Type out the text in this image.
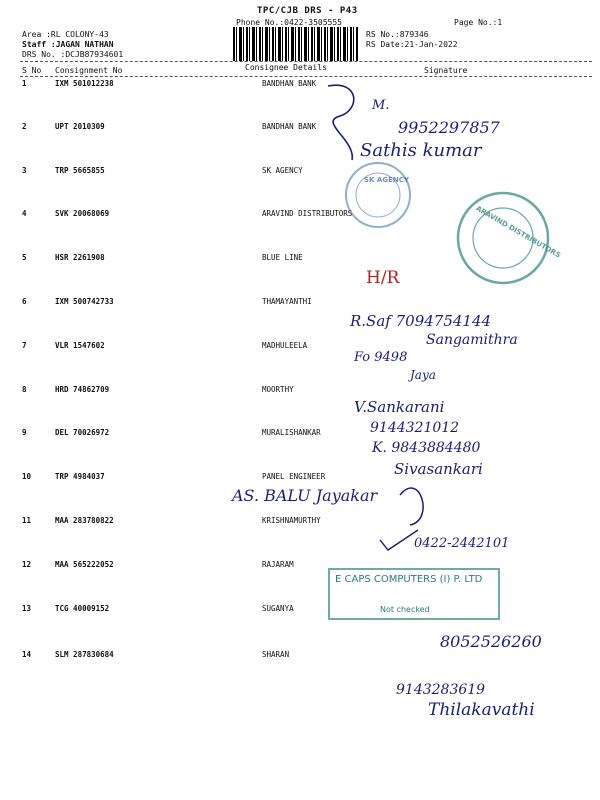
TPC/CJB DRS - P43
Phone No.:0422-3505555	Page No.:1
Area :RL COLONY-43
Staff :JAGAN NATHAN
DRS No. :DCJB87934601
RS No.:879346
RS Date:21-Jan-2022
S No Consignment No	Consignee Details	Signature
1	IXM 501012238	BANDHAN BANK
2	UPT 2010309	BANDHAN BANK
3	TRP 5665855	SK AGENCY
4	SVK 20068069	ARAVIND DISTRIBUTORS
5	HSR 2261908	BLUE LINE
6	IXM 500742733	THAMAYANTHI
7	VLR 1547602	MADHULEELA
8	HRD 74862709	MOORTHY
9	DEL 70026972	MURALISHANKAR
10	TRP 4984037	PANEL ENGINEER
11	MAA 283780822	KRISHNAMURTHY
12	MAA 565222052	RAJARAM
13	TCG 40009152	SUGANYA
14	SLM 287830684	SHARAN
M.
9952297857
Sathis kumar
SK AGENCY
ARAVIND DISTRIBUTORS
H/R
R.Saf 7094754144
Sangamithra
Fo 9498
Jaya
V.Sankarani
9144321012
K. 9843884480
Sivasankari
AS. BALU Jayakar
0422-2442101
E CAPS COMPUTERS (I) P. LTD
Not checked
8052526260
9143283619
Thilakavathi
